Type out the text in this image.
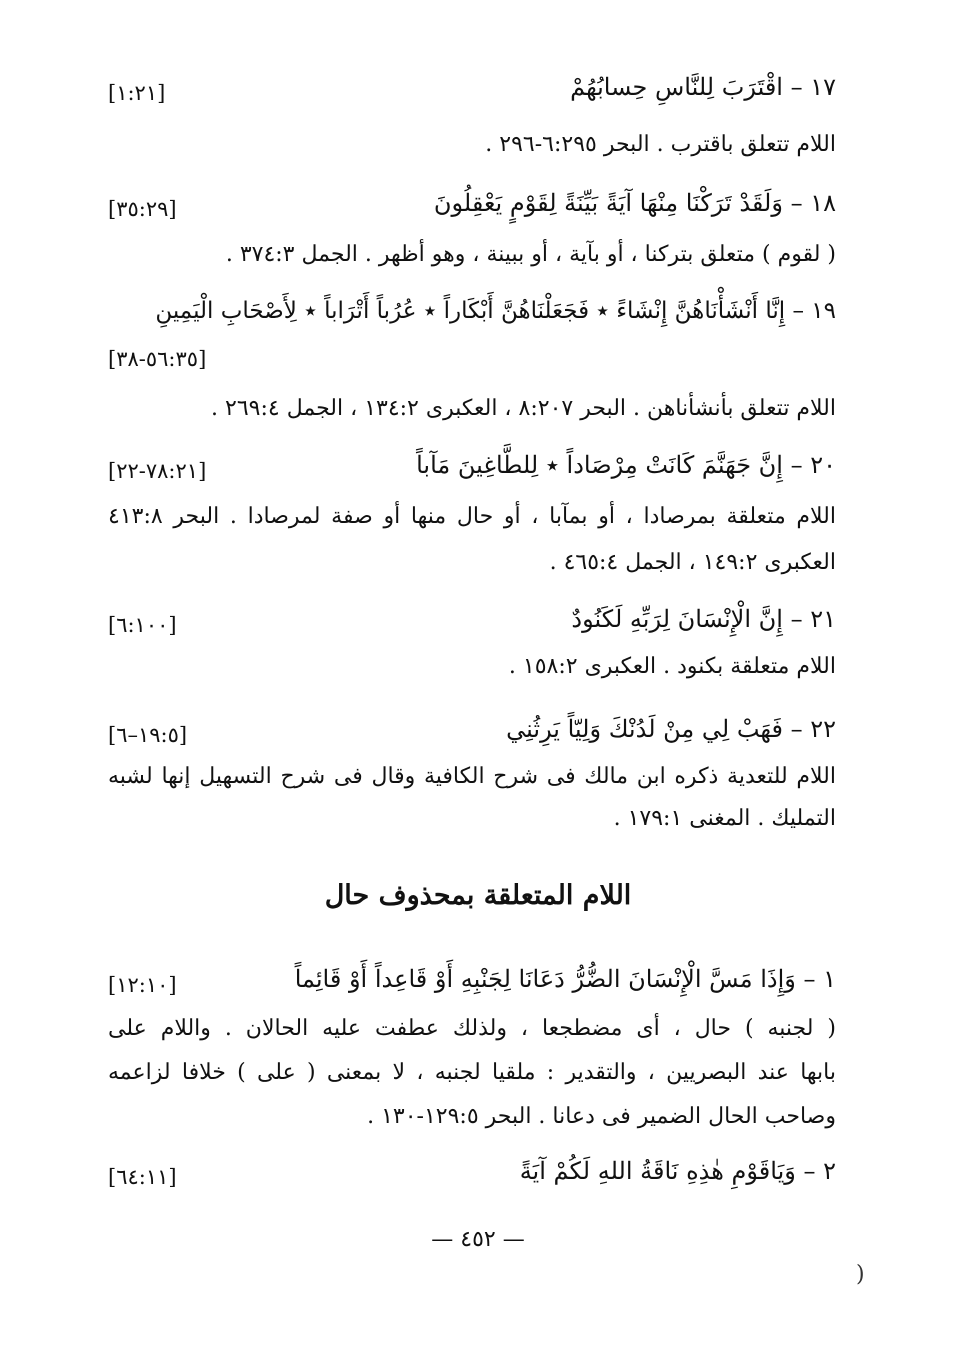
١٧ – اقْتَرَبَ لِلنَّاسِ حِسابُهُمْ
[١:٢١]
اللام تتعلق باقترب . البحر ٦:٢٩٥-٢٩٦ .
١٨ – وَلَقَدْ تَرَكْنَا مِنْهَا آيَةً بَيِّنَةً لِقَوْمٍ يَعْقِلُونَ
[٣٥:٢٩]
( لقوم ) متعلق بتركنا ، أو بآية ، أو ببينة ، وهو أظهر . الجمل ٣٧٤:٣ .
١٩ – إِنَّا أَنْشَأْنَاهُنَّ إِنْشَاءً ٭ فَجَعَلْنَاهُنَّ أَبْكَاراً ٭ عُرُباً أَتْرَاباً ٭ لِأَصْحَابِ الْيَمِينِ
[٥٦:٣٥-٣٨]
اللام تتعلق بأنشأناهن . البحر ٨:٢٠٧ ، العكبرى ١٣٤:٢ ، الجمل ٢٦٩:٤ .
٢٠ – إِنَّ جَهَنَّمَ كَانَتْ مِرْصَاداً ٭ لِلطَّاغِينَ مَآباً
[٧٨:٢١-٢٢]
اللام متعلقة بمرصادا ، أو بمآبا ، أو حال منها أو صفة لمرصادا . البحر ٤١٣:٨
العكبرى ١٤٩:٢ ، الجمل ٤٦٥:٤ .
٢١ – إِنَّ الْإِنْسَانَ لِرَبِّهِ لَكَنُودٌ
[٦:١٠٠]
اللام متعلقة بكنود . العكبرى ١٥٨:٢ .
٢٢ – فَهَبْ لِي مِنْ لَدُنْكَ وَلِيّاً يَرِثُنِي
[١٩:٥–٦]
اللام للتعدية ذكره ابن مالك فى شرح الكافية وقال فى شرح التسهيل إنها لشبه
التمليك . المغنى ١٧٩:١ .
اللام المتعلقة بمحذوف حال
١ – وَإِذَا مَسَّ الْإِنْسَانَ الضُّرُّ دَعَانَا لِجَنْبِهِ أَوْ قَاعِداً أَوْ قَائِماً
[١٢:١٠]
( لجنبه ) حال ، أى مضطجعا ، ولذلك عطفت عليه الحالان . واللام على
بابها عند البصريين ، والتقدير : ملقيا لجنبه ، لا بمعنى ( على ) خلافا لزاعمه
وصاحب الحال الضمير فى دعانا . البحر ١٢٩:٥-١٣٠ .
٢ – وَيَاقَوْمِ هٰذِهِ نَاقَةُ اللهِ لَكُمْ آيَةً
[٦٤:١١]
— ٤٥٢ —
(
